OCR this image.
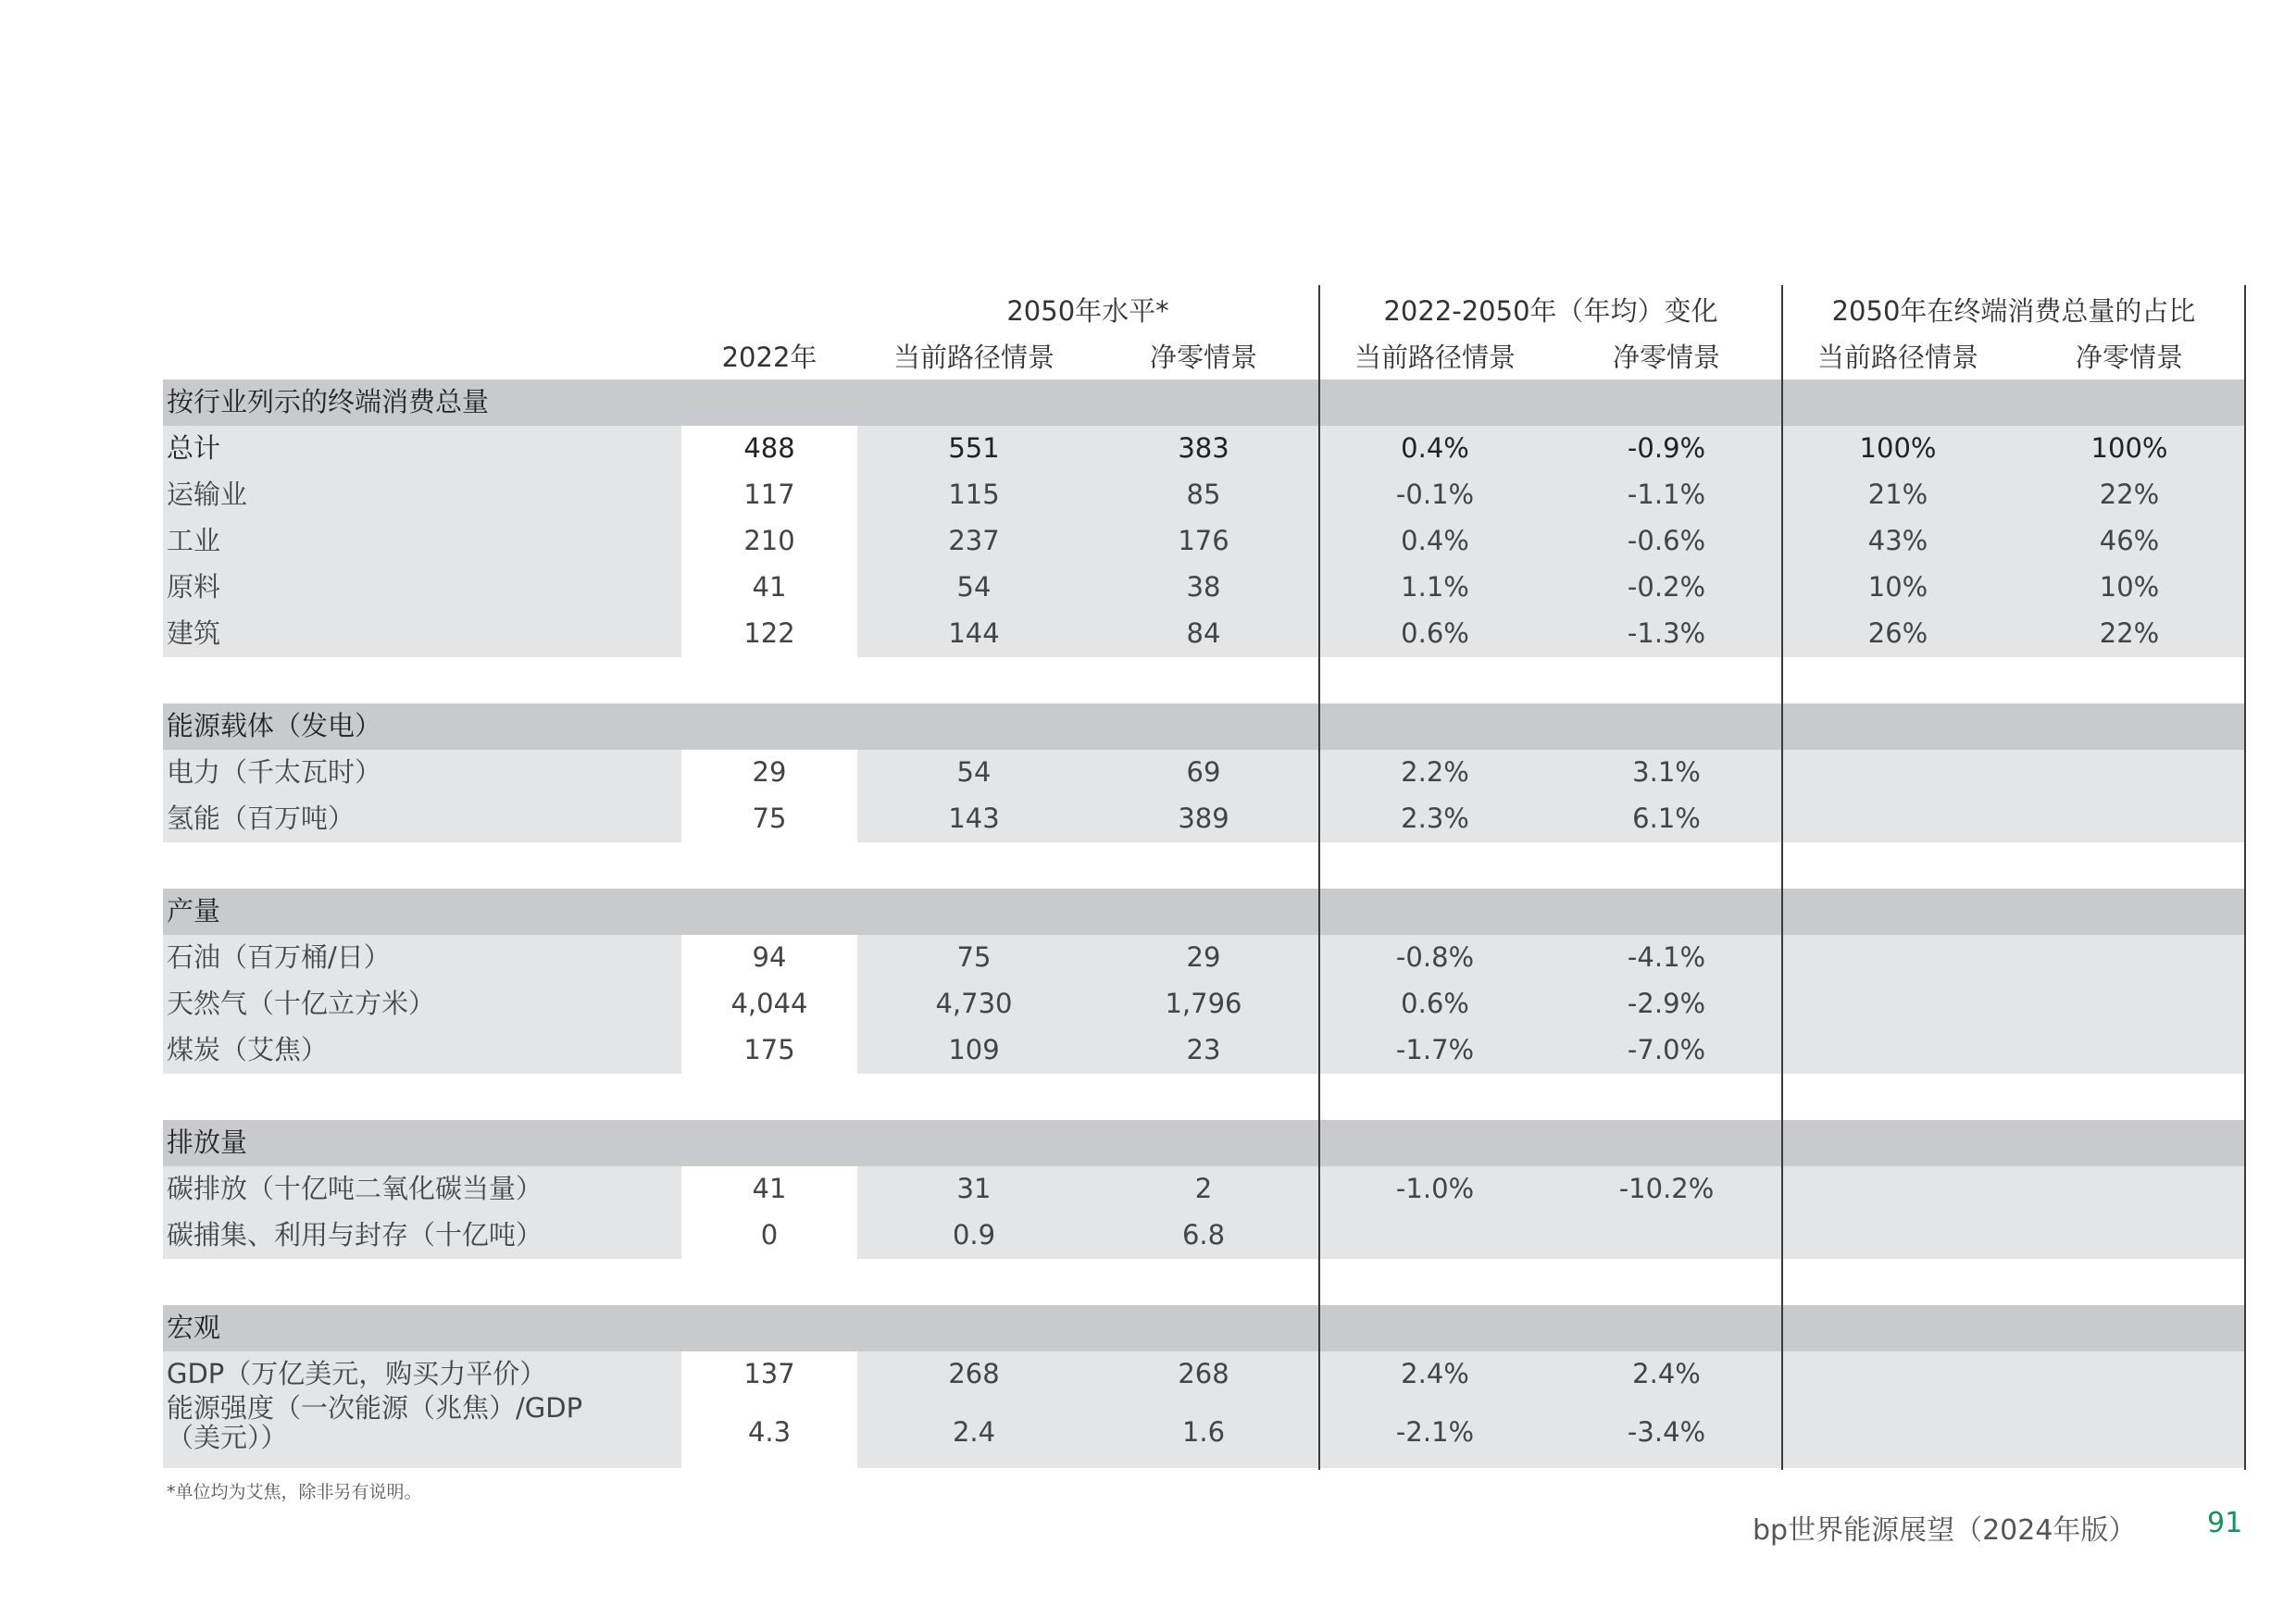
2050年水平*	2022-2050年（年均）变化	2050年在终端消费总量的占比
2022年	当前路径情景	净零情景	当前路径情景	净零情景	当前路径情景	净零情景
按行业列示的终端消费总量
总计	488	551	383	0.4%	-0.9%	100%	100%
运输业	117	115	85	-0.1%	-1.1%	21%	22%
工业	210	237	176	0.4%	-0.6%	43%	46%
原料	41	54	38	1.1%	-0.2%	10%	10%
建筑	122	144	84	0.6%	-1.3%	26%	22%
能源载体（发电）
电力（千太瓦时）	29	54	69	2.2%	3.1%
氢能（百万吨）	75	143	389	2.3%	6.1%
产量
石油（百万桶/日）	94	75	29	-0.8%	-4.1%
天然气（十亿立方米）	4,044	4,730	1,796	0.6%	-2.9%
煤炭（艾焦）	175	109	23	-1.7%	-7.0%
排放量
碳排放（十亿吨二氧化碳当量）	41	31	2	-1.0%	-10.2%
碳捕集、利用与封存（十亿吨）	0	0.9	6.8
宏观
GDP（万亿美元，购买力平价）	137	268	268	2.4%	2.4%
能源强度（一次能源（兆焦）/GDP
（美元））	4.3	2.4	1.6	-2.1%	-3.4%
*单位均为艾焦，除非另有说明。
bp世界能源展望（2024年版）	91
